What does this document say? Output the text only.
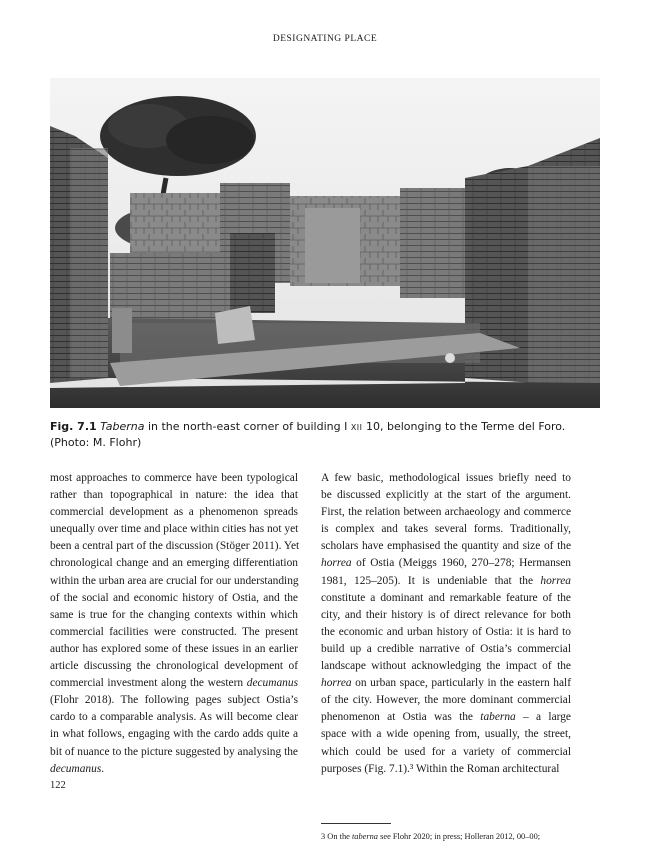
DESIGNATING PLACE
Fig. 7.1 Taberna in the north-east corner of building I XII 10, belonging to the Terme del Foro. (Photo: M. Flohr)
most approaches to commerce have been typological
rather than topographical in nature: the idea that
commercial development as a phenomenon spreads
unequally over time and place within cities has not yet
been a central part of the discussion (Stöger 2011). Yet
chronological change and an emerging differentiation
within the urban area are crucial for our understanding
of the social and economic history of Ostia, and the
same is true for the changing contexts within which
commercial facilities were constructed. The present
author has explored some of these issues in an earlier
article discussing the chronological development of
commercial investment along the western decumanus
(Flohr 2018). The following pages subject Ostia’s
cardo to a comparable analysis. As will become clear
in what follows, engaging with the cardo adds quite a
bit of nuance to the picture suggested by analysing the
decumanus.
A few basic, methodological issues briefly need to
be discussed explicitly at the start of the argument.
First, the relation between archaeology and commerce
is complex and takes several forms. Traditionally,
scholars have emphasised the quantity and size of the
horrea of Ostia (Meiggs 1960, 270–278; Hermansen
1981, 125–205). It is undeniable that the horrea
constitute a dominant and remarkable feature of the
city, and their history is of direct relevance for both
the economic and urban history of Ostia: it is hard to
build up a credible narrative of Ostia’s commercial
landscape without acknowledging the impact of the
horrea on urban space, particularly in the eastern half
of the city. However, the more dominant commercial
phenomenon at Ostia was the taberna – a large
space with a wide opening from, usually, the street,
which could be used for a variety of commercial
purposes (Fig. 7.1).³ Within the Roman architectural
3 On the taberna see Flohr 2020; in press; Holleran 2012, 00–00;
122
